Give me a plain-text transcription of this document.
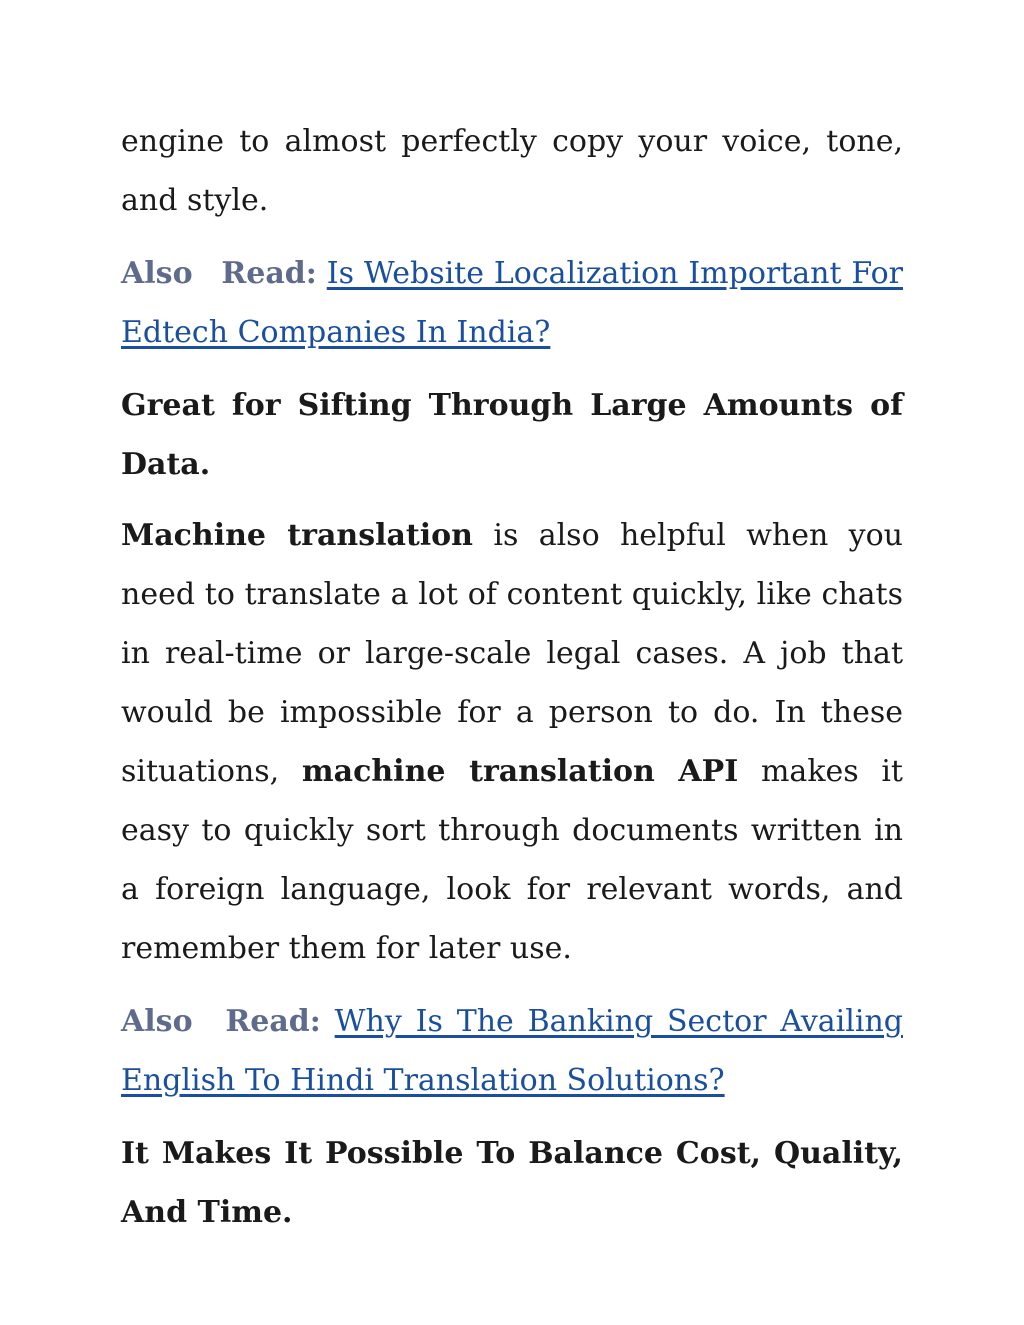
engine to almost perfectly copy your voice, tone, and style.

Also Read: Is Website Localization Important For Edtech Companies In India?

Great for Sifting Through Large Amounts of Data.

Machine translation is also helpful when you need to translate a lot of content quickly, like chats in real-time or large-scale legal cases. A job that would be impossible for a person to do. In these situations, machine translation API makes it easy to quickly sort through documents written in a foreign language, look for relevant words, and remember them for later use.

Also Read: Why Is The Banking Sector Availing English To Hindi Translation Solutions?

It Makes It Possible To Balance Cost, Quality, And Time.
